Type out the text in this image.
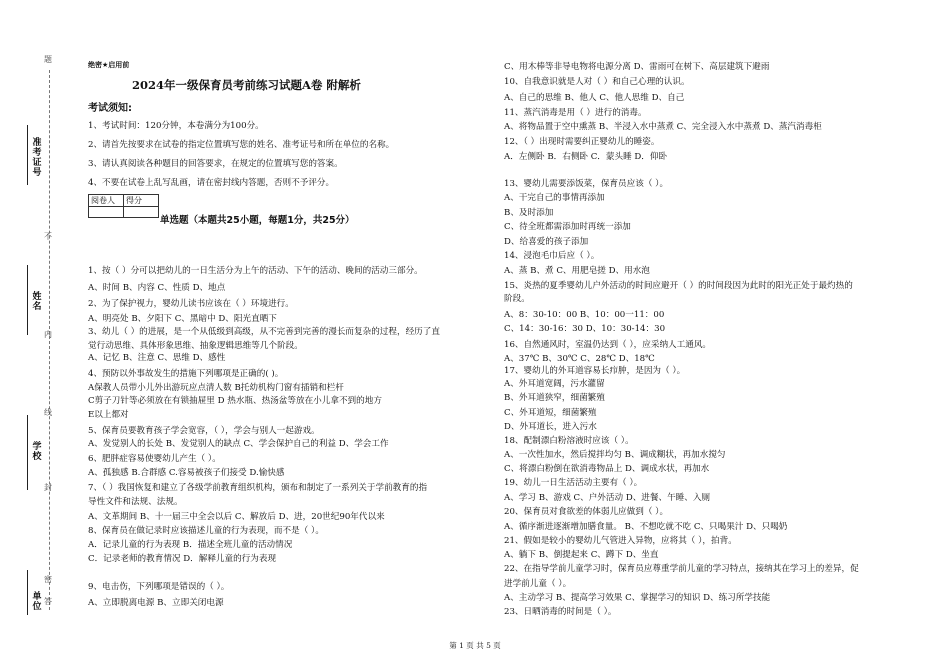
准考证号
姓名
学校
单位
题
不
内
线
封
密
答
绝密★启用前
2024年一级保育员考前练习试题A卷 附解析
考试须知:
1、考试时间：120分钟，本卷满分为100分。
2、请首先按要求在试卷的指定位置填写您的姓名、准考证号和所在单位的名称。
3、请认真阅读各种题目的回答要求，在规定的位置填写您的答案。
4、不要在试卷上乱写乱画，请在密封线内答题，否则不予评分。
阅卷人	得分

单选题（本题共25小题，每题1分，共25分）
1、按（ ）分可以把幼儿的一日生活分为上午的活动、下午的活动、晚间的活动三部分。
A、时间 B、内容 C、性质 D、地点
2、为了保护视力，婴幼儿读书应该在（ ）环境进行。
A、明亮处 B、夕阳下 C、黑暗中 D、阳光直晒下
3、幼儿（ ）的进展，是一个从低级到高级，从不完善到完善的漫长而复杂的过程，经历了直
觉行动思维、具体形象思维、抽象逻辑思维等几个阶段。
A、记忆 B、注意 C、思维 D、感性
4、预防以外事故发生的措施下列哪项是正确的( )。
A保教人员带小儿外出游玩应点清人数 B托幼机构门窗有插销和栏杆
C剪子刀针等必须放在有锁抽屉里 D 热水瓶、热汤盆等放在小儿拿不到的地方
E以上都对
5、保育员要教育孩子学会宽容，（ ），学会与别人一起游戏。
A、发觉别人的长处 B、发觉别人的缺点 C、学会保护自己的利益 D、学会工作
6、肥胖症容易使婴幼儿产生（ ）。
A、孤独感 B.合群感 C.容易被孩子们接受 D.愉快感
7、（ ）我国恢复和建立了各级学前教育组织机构，颁布和制定了一系列关于学前教育的指
导性文件和法规、法规。
A、文革期间 B、十一届三中全会以后 C、解放后 D、进，20世纪90年代以来
8、保育员在做记录时应该描述儿童的行为表现，而不是（ ）。
A．记录儿童的行为表现 B．描述全班儿童的活动情况
C．记录老师的教育情况 D．解释儿童的行为表现
9、电击伤，下列哪项是错误的（ ）。
A、立即脱离电源 B、立即关闭电源
C、用木棒等非导电物将电源分离 D、雷雨可在树下、高层建筑下避雨
10、自我意识就是人对（ ）和自己心理的认识。
A、自己的思维 B、他人 C、他人思维 D、自己
11、蒸汽消毒是用（ ）进行的消毒。
A、将物品置于空中熏蒸 B、半浸入水中蒸煮 C、完全浸入水中蒸煮 D、蒸汽消毒柜
12、（ ）出现时需要纠正婴幼儿的睡姿。
A．左侧卧 B．右侧卧 C．蒙头睡 D．仰卧
13、婴幼儿需要添饭菜，保育员应该（ ）。
A、干完自己的事情再添加
B、及时添加
C、待全班都需添加时再统一添加
D、给喜爱的孩子添加
14、浸泡毛巾后应（ ）。
A、蒸 B、煮 C、用肥皂搓 D、用水泡
15、炎热的夏季婴幼儿户外活动的时间应避开（ ）的时间段因为此时的阳光正处于最灼热的
阶段。
A、8：30-10：00 B、10：00一11：00
C、14：30-16：30 D、10：30-14：30
16、自然通风时，室温仍达到（ ），应采纳人工通风。
A、37℃ B、30℃ C、28℃ D、18℃
17、婴幼儿的外耳道容易长疖肿，是因为（ ）。
A、外耳道宽阔，污水灌留
B、外耳道狭窄，细菌繁殖
C、外耳道短，细菌繁殖
D、外耳道长，进入污水
18、配制漂白粉溶液时应该（ ）。
A、一次性加水，然后搅拌均匀 B、调成糊状，再加水搅匀
C、将漂白粉倒在欲消毒物品上 D、调成水状，再加水
19、幼儿一日生活活动主要有（ ）。
A、学习 B、游戏 C、户外活动 D、进餐、午睡、入厕
20、保育员对食欲差的体弱儿应做到（ ）。
A、循序渐进逐渐增加膳食量。 B、不想吃就不吃 C、只喝果汁 D、只喝奶
21、假如是较小的婴幼儿气管进入异物，应将其（ ），拍背。
A、躺下 B、倒提起来 C、蹲下 D、坐直
22、在指导学前儿童学习时，保育员应尊重学前儿童的学习特点，接纳其在学习上的差异，促
进学前儿童（ ）。
A、主动学习 B、提高学习效果 C、掌握学习的知识 D、练习所学技能
23、日晒消毒的时间是（ ）。
第 1 页 共 5 页
